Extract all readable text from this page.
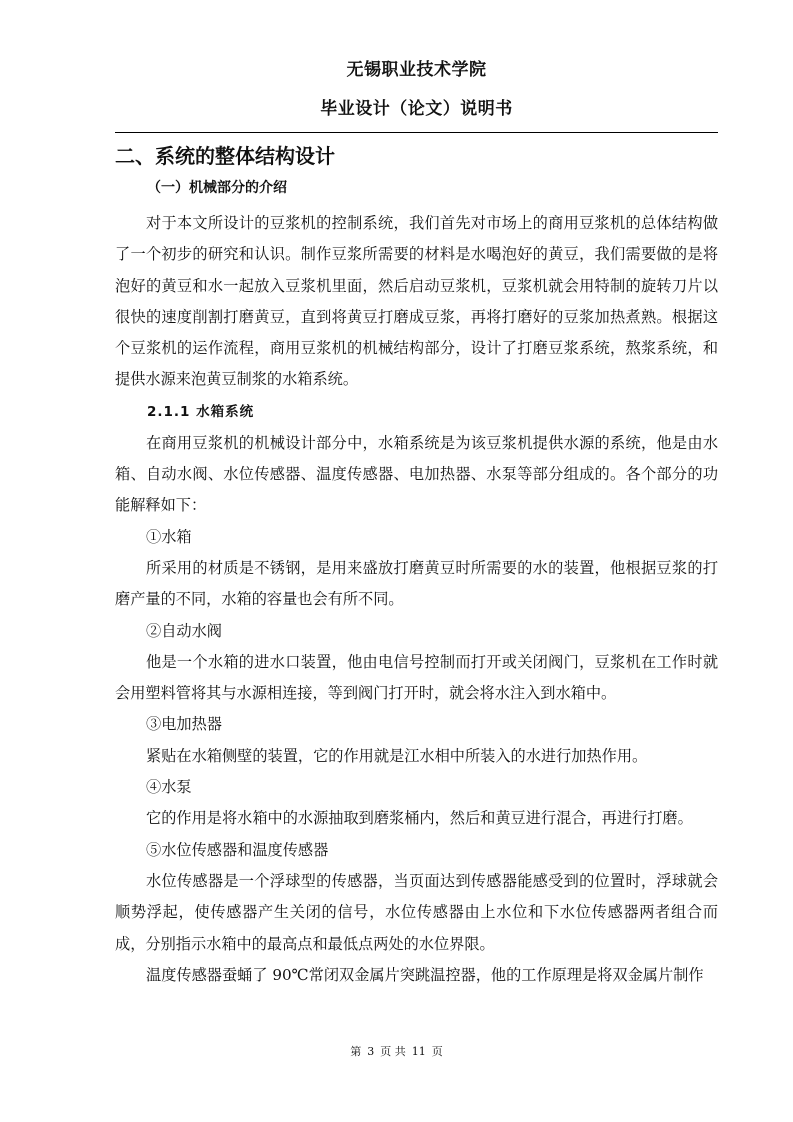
无锡职业技术学院
毕业设计（论文）说明书
二、系统的整体结构设计
（一）机械部分的介绍

对于本文所设计的豆浆机的控制系统，我们首先对市场上的商用豆浆机的总体结构做了一个初步的研究和认识。制作豆浆所需要的材料是水喝泡好的黄豆，我们需要做的是将泡好的黄豆和水一起放入豆浆机里面，然后启动豆浆机，豆浆机就会用特制的旋转刀片以很快的速度削割打磨黄豆，直到将黄豆打磨成豆浆，再将打磨好的豆浆加热煮熟。根据这个豆浆机的运作流程，商用豆浆机的机械结构部分，设计了打磨豆浆系统，熬浆系统，和提供水源来泡黄豆制浆的水箱系统。

2.1.1 水箱系统

在商用豆浆机的机械设计部分中，水箱系统是为该豆浆机提供水源的系统，他是由水箱、自动水阀、水位传感器、温度传感器、电加热器、水泵等部分组成的。各个部分的功能解释如下：

①水箱

所采用的材质是不锈钢，是用来盛放打磨黄豆时所需要的水的装置，他根据豆浆的打磨产量的不同，水箱的容量也会有所不同。

②自动水阀

他是一个水箱的进水口装置，他由电信号控制而打开或关闭阀门，豆浆机在工作时就会用塑料管将其与水源相连接，等到阀门打开时，就会将水注入到水箱中。

③电加热器

紧贴在水箱侧壁的装置，它的作用就是江水相中所装入的水进行加热作用。

④水泵

它的作用是将水箱中的水源抽取到磨浆桶内，然后和黄豆进行混合，再进行打磨。

⑤水位传感器和温度传感器

水位传感器是一个浮球型的传感器，当页面达到传感器能感受到的位置时，浮球就会顺势浮起，使传感器产生关闭的信号，水位传感器由上水位和下水位传感器两者组合而成，分别指示水箱中的最高点和最低点两处的水位界限。

温度传感器蚕蛹了 90℃常闭双金属片突跳温控器，他的工作原理是将双金属片制作

第 3 页 共 11 页
